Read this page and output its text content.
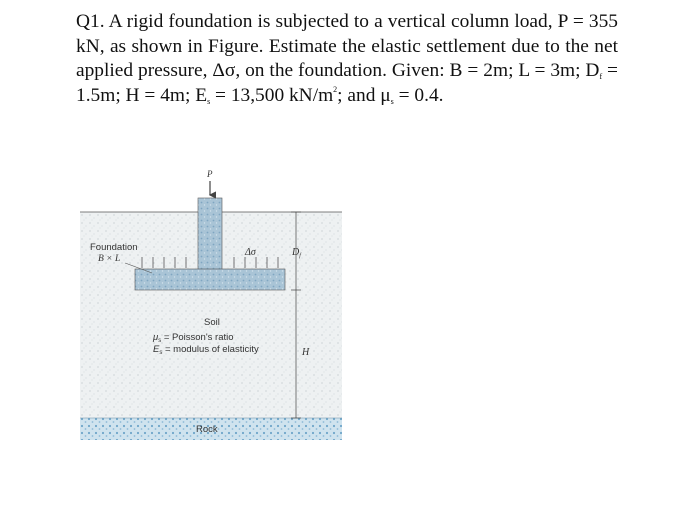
Q1. A rigid foundation is subjected to a vertical column load, P = 355 kN, as shown in Figure. Estimate the elastic settlement due to the net applied pressure, Δσ, on the foundation. Given: B = 2m; L = 3m; $D_f = 1.5m$; H = 4m; $E_s = 13,500$ $kN/m^2$; and $\mu_s = 0.4$.

P
Δσ
Foundation
B × L
$D_f$
H
Soil
$\mu_s$ = Poisson's ratio
$E_s$ = modulus of elasticity
Rock
